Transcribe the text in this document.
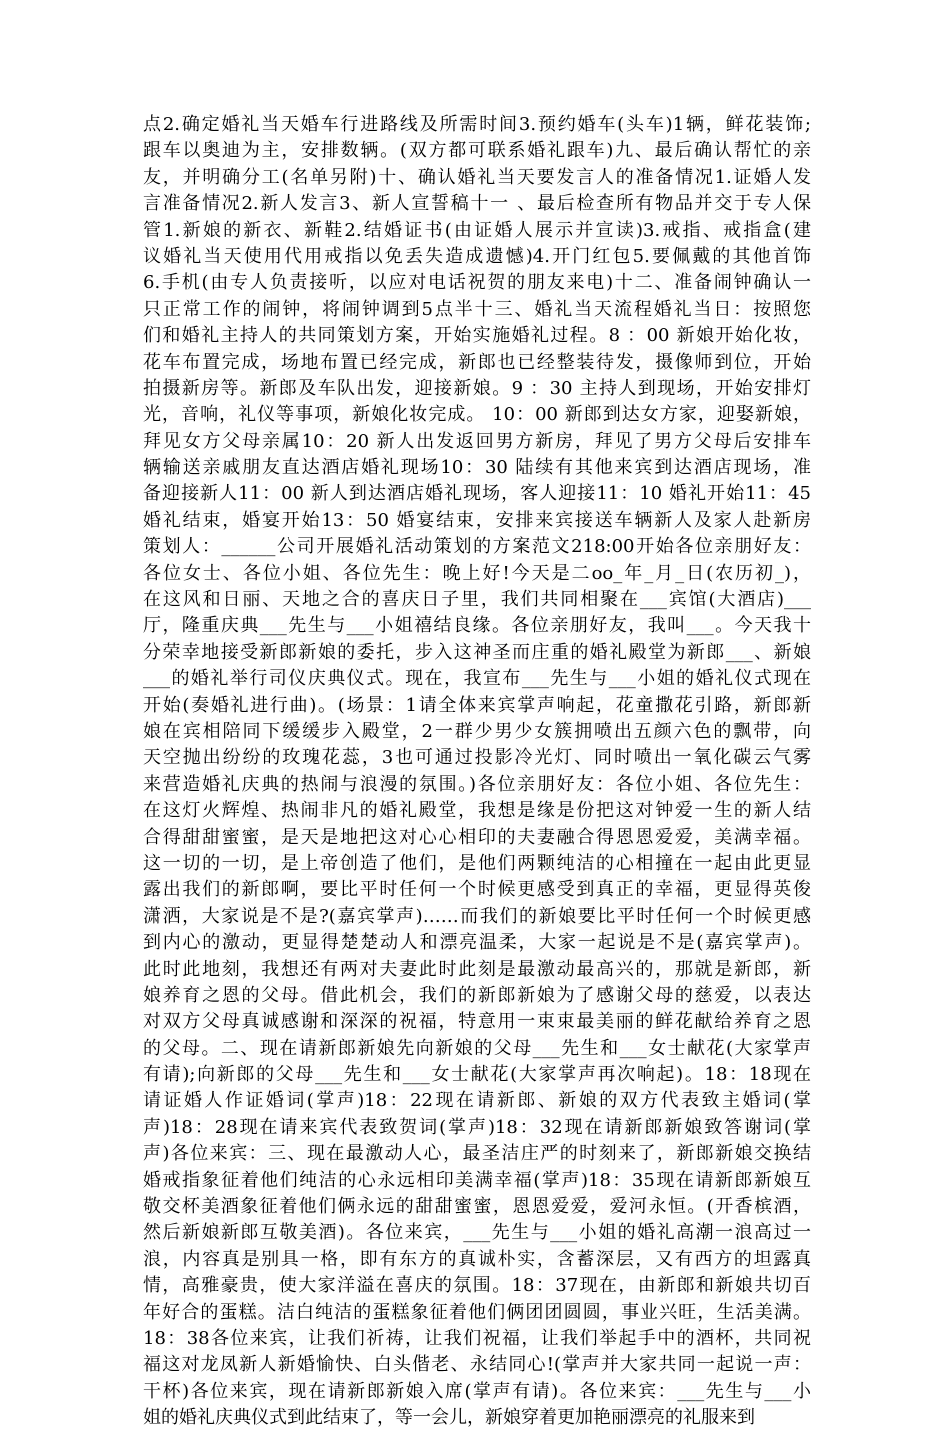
点2.确定婚礼当天婚车行进路线及所需时间3.预约婚车(头车)1辆，鲜花装饰;
跟车以奥迪为主，安排数辆。(双方都可联系婚礼跟车)九、最后确认帮忙的亲
友，并明确分工(名单另附)十、确认婚礼当天要发言人的准备情况1.证婚人发
言准备情况2.新人发言3、新人宣誓稿十一 、最后检查所有物品并交于专人保
管1.新娘的新衣、新鞋2.结婚证书(由证婚人展示并宣读)3.戒指、戒指盒(建
议婚礼当天使用代用戒指以免丢失造成遗憾)4.开门红包5.要佩戴的其他首饰
6.手机(由专人负责接听，以应对电话祝贺的朋友来电)十二、准备闹钟确认一
只正常工作的闹钟，将闹钟调到5点半十三、婚礼当天流程婚礼当日：按照您
们和婚礼主持人的共同策划方案，开始实施婚礼过程。8 ：00 新娘开始化妆，
花车布置完成，场地布置已经完成，新郎也已经整装待发，摄像师到位，开始
拍摄新房等。新郎及车队出发，迎接新娘。9 ：30 主持人到现场，开始安排灯
光，音响，礼仪等事项，新娘化妆完成。 10：00 新郎到达女方家，迎娶新娘，
拜见女方父母亲属10：20 新人出发返回男方新房，拜见了男方父母后安排车
辆输送亲戚朋友直达酒店婚礼现场10：30 陆续有其他来宾到达酒店现场，准
备迎接新人11：00 新人到达酒店婚礼现场，客人迎接11：10 婚礼开始11：45
婚礼结束，婚宴开始13：50 婚宴结束，安排来宾接送车辆新人及家人赴新房
策划人：______公司开展婚礼活动策划的方案范文218:00开始各位亲朋好友：
各位女士、各位小姐、各位先生：晚上好!今天是二oo_年_月_日(农历初_)，
在这风和日丽、天地之合的喜庆日子里，我们共同相聚在___宾馆(大酒店)___
厅，隆重庆典___先生与___小姐禧结良缘。各位亲朋好友，我叫___。今天我十
分荣幸地接受新郎新娘的委托，步入这神圣而庄重的婚礼殿堂为新郎___、新娘
___的婚礼举行司仪庆典仪式。现在，我宣布___先生与___小姐的婚礼仪式现在
开始(奏婚礼进行曲)。(场景：1请全体来宾掌声响起，花童撒花引路，新郎新
娘在宾相陪同下缓缓步入殿堂，2一群少男少女簇拥喷出五颜六色的飘带，向
天空抛出纷纷的玫瑰花蕊，3也可通过投影冷光灯、同时喷出一氧化碳云气雾
来营造婚礼庆典的热闹与浪漫的氛围。)各位亲朋好友：各位小姐、各位先生：
在这灯火辉煌、热闹非凡的婚礼殿堂，我想是缘是份把这对钟爱一生的新人结
合得甜甜蜜蜜，是天是地把这对心心相印的夫妻融合得恩恩爱爱，美满幸福。
这一切的一切，是上帝创造了他们，是他们两颗纯洁的心相撞在一起由此更显
露出我们的新郎啊，要比平时任何一个时候更感受到真正的幸福，更显得英俊
潇洒，大家说是不是?(嘉宾掌声)……而我们的新娘要比平时任何一个时候更感
到内心的激动，更显得楚楚动人和漂亮温柔，大家一起说是不是(嘉宾掌声)。
此时此地刻，我想还有两对夫妻此时此刻是最激动最高兴的，那就是新郎，新
娘养育之恩的父母。借此机会，我们的新郎新娘为了感谢父母的慈爱，以表达
对双方父母真诚感谢和深深的祝福，特意用一束束最美丽的鲜花献给养育之恩
的父母。二、现在请新郎新娘先向新娘的父母___先生和___女士献花(大家掌声
有请);向新郎的父母___先生和___女士献花(大家掌声再次响起)。18：18现在
请证婚人作证婚词(掌声)18：22现在请新郎、新娘的双方代表致主婚词(掌
声)18：28现在请来宾代表致贺词(掌声)18：32现在请新郎新娘致答谢词(掌
声)各位来宾：三、现在最激动人心，最圣洁庄严的时刻来了，新郎新娘交换结
婚戒指象征着他们纯洁的心永远相印美满幸福(掌声)18：35现在请新郎新娘互
敬交杯美酒象征着他们俩永远的甜甜蜜蜜，恩恩爱爱，爱河永恒。(开香槟酒，
然后新娘新郎互敬美酒)。各位来宾，___先生与___小姐的婚礼高潮一浪高过一
浪，内容真是别具一格，即有东方的真诚朴实，含蓄深层，又有西方的坦露真
情，高雅豪贵，使大家洋溢在喜庆的氛围。18：37现在，由新郎和新娘共切百
年好合的蛋糕。洁白纯洁的蛋糕象征着他们俩团团圆圆，事业兴旺，生活美满。
18：38各位来宾，让我们祈祷，让我们祝福，让我们举起手中的酒杯，共同祝
福这对龙凤新人新婚愉快、白头偕老、永结同心!(掌声并大家共同一起说一声：
干杯)各位来宾，现在请新郎新娘入席(掌声有请)。各位来宾：___先生与___小
姐的婚礼庆典仪式到此结束了，等一会儿，新娘穿着更加艳丽漂亮的礼服来到
